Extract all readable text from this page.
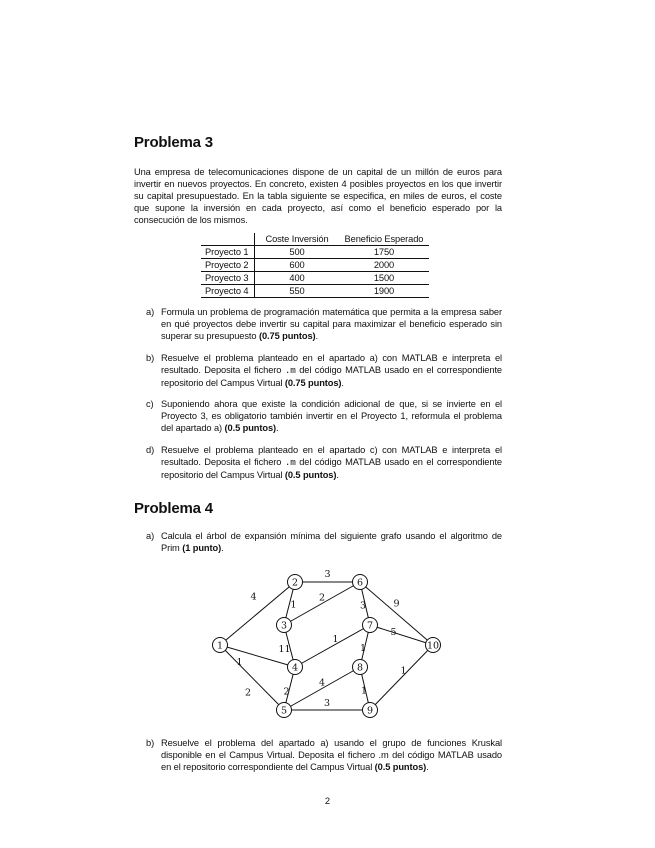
Problema 3

Una empresa de telecomunicaciones dispone de un capital de un millón de euros para invertir en nuevos proyectos. En concreto, existen 4 posibles proyectos en los que invertir su capital presupuestado. En la tabla siguiente se especifica, en miles de euros, el coste que supone la inversión en cada proyecto, así como el beneficio esperado por la consecución de los mismos.

	Coste Inversión	Beneficio Esperado
Proyecto 1	500	1750
Proyecto 2	600	2000
Proyecto 3	400	1500
Proyecto 4	550	1900
a) Formula un problema de programación matemática que permita a la empresa saber en qué proyectos debe invertir su capital para maximizar el beneficio esperado sin superar su presupuesto (0.75 puntos).
b) Resuelve el problema planteado en el apartado a) con MATLAB e interpreta el resultado. Deposita el fichero .m del código MATLAB usado en el correspondiente repositorio del Campus Virtual (0.75 puntos).
c) Suponiendo ahora que existe la condición adicional de que, si se invierte en el Proyecto 3, es obligatorio también invertir en el Proyecto 1, reformula el problema del apartado a) (0.5 puntos).
d) Resuelve el problema planteado en el apartado c) con MATLAB e interpreta el resultado. Deposita el fichero .m del código MATLAB usado en el correspondiente repositorio del Campus Virtual (0.5 puntos).
Problema 4
a) Calcula el árbol de expansión mínima del siguiente grafo usando el algoritmo de Prim (1 punto).
4
1
2
3
1
2
11
3	9
1
5
1
2
4
3
1
1
1
2
3
4
5
6
7
8
9
10
b) Resuelve el problema del apartado a) usando el grupo de funciones Kruskal disponible en el Campus Virtual. Deposita el fichero .m del código MATLAB usado en el repositorio correspondiente del Campus Virtual (0.5 puntos).
2
